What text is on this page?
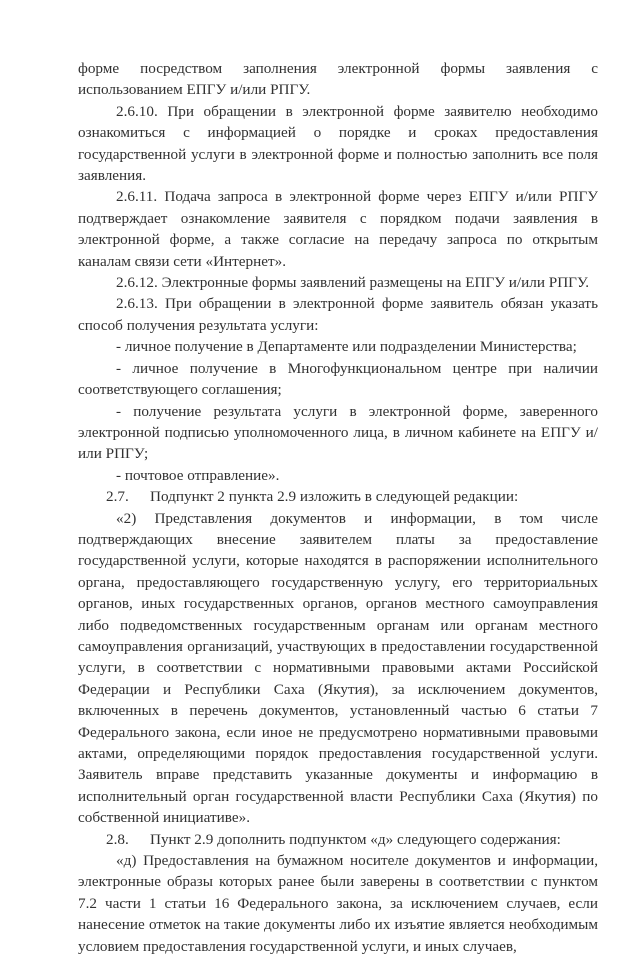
форме посредством заполнения электронной формы заявления с использованием ЕПГУ и/или РПГУ.

2.6.10. При обращении в электронной форме заявителю необходимо ознакомиться с информацией о порядке и сроках предоставления государственной услуги в электронной форме и полностью заполнить все поля заявления.

2.6.11. Подача запроса в электронной форме через ЕПГУ и/или РПГУ подтверждает ознакомление заявителя с порядком подачи заявления в электронной форме, а также согласие на передачу запроса по открытым каналам связи сети «Интернет».

2.6.12. Электронные формы заявлений размещены на ЕПГУ и/или РПГУ.

2.6.13. При обращении в электронной форме заявитель обязан указать способ получения результата услуги:

- личное получение в Департаменте или подразделении Министерства;

- личное получение в Многофункциональном центре при наличии соответствующего соглашения;

- получение результата услуги в электронной форме, заверенного электронной подписью уполномоченного лица, в личном кабинете на ЕПГУ и/или РПГУ;

- почтовое отправление».

2.7. Подпункт 2 пункта 2.9 изложить в следующей редакции:

«2) Представления документов и информации, в том числе подтверждающих внесение заявителем платы за предоставление государственной услуги, которые находятся в распоряжении исполнительного органа, предоставляющего государственную услугу, его территориальных органов, иных государственных органов, органов местного самоуправления либо подведомственных государственным органам или органам местного самоуправления организаций, участвующих в предоставлении государственной услуги, в соответствии с нормативными правовыми актами Российской Федерации и Республики Саха (Якутия), за исключением документов, включенных в перечень документов, установленный частью 6 статьи 7 Федерального закона, если иное не предусмотрено нормативными правовыми актами, определяющими порядок предоставления государственной услуги. Заявитель вправе представить указанные документы и информацию в исполнительный орган государственной власти Республики Саха (Якутия) по собственной инициативе».

2.8. Пункт 2.9 дополнить подпунктом «д» следующего содержания:

«д) Предоставления на бумажном носителе документов и информации, электронные образы которых ранее были заверены в соответствии с пунктом 7.2 части 1 статьи 16 Федерального закона, за исключением случаев, если нанесение отметок на такие документы либо их изъятие является необходимым условием предоставления государственной услуги, и иных случаев,
